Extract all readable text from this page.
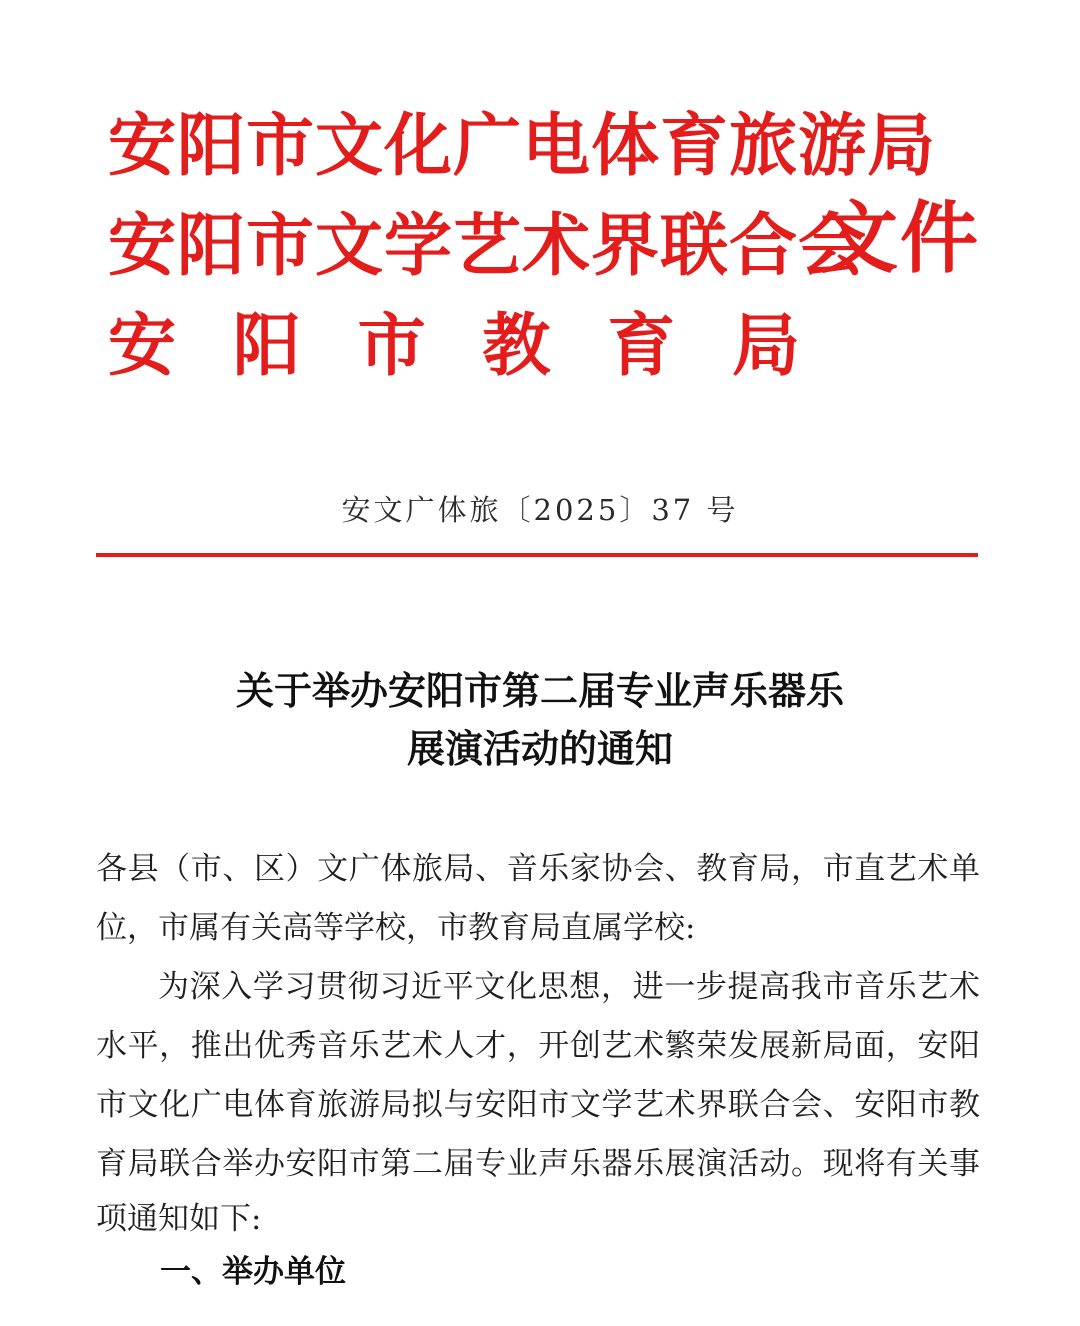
安阳市文化广电体育旅游局
安阳市文学艺术界联合会
安 阳 市 教 育 局
文件
安文广体旅〔2025〕37 号
关于举办安阳市第二届专业声乐器乐
展演活动的通知
各县（市、区）文广体旅局、音乐家协会、教育局，市直艺术单
位，市属有关高等学校，市教育局直属学校:
为深入学习贯彻习近平文化思想，进一步提高我市音乐艺术
水平，推出优秀音乐艺术人才，开创艺术繁荣发展新局面，安阳
市文化广电体育旅游局拟与安阳市文学艺术界联合会、安阳市教
育局联合举办安阳市第二届专业声乐器乐展演活动。现将有关事
项通知如下:
一、举办单位
